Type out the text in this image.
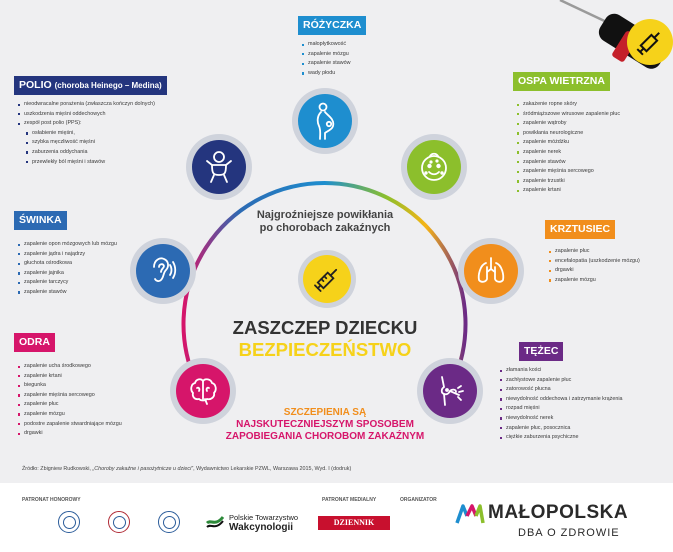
Najgroźniejsze powikłania
po chorobach zakaźnych
ZASZCZEP DZIECKU
BEZPIECZEŃSTWO
SZCZEPIENIA SĄ
NAJSKUTECZNIEJSZYM SPOSOBEM
ZAPOBIEGANIA CHOROBOM ZAKAŹNYM
RÓŻYCZKA
małopłytkowość
zapalenie mózgu
zapalenie stawów
wady płodu
POLIO (choroba Heinego – Medina)
nieodwracalne porażenia (zwłaszcza kończyn dolnych)
uszkodzenia mięśni oddechowych
zespół post polio (PPS):
osłabienie mięśni,
szybka męczliwość mięśni
zaburzenia oddychania
przewlekły ból mięśni i stawów
OSPA WIETRZNA
zakażenie ropne skóry
śródmiąższowe wirusowe zapalenie płuc
zapalenie wątroby
powikłania neurologiczne
zapalenie móżdżku
zapalenie nerek
zapalenie stawów
zapalenie mięśnia sercowego
zapalenie trzustki
zapalenie krtani
ŚWINKA
zapalenie opon mózgowych lub mózgu
zapalenie jądra i najądrzy
głuchota ośrodkowa
zapalenie jajnika
zapalenie tarczycy
zapalenie stawów
KRZTUSIEC
zapalenie płuc
encefalopatia (uszkodzenie mózgu)
drgawki
zapalenie mózgu
ODRA
zapalenie ucha środkowego
zapalenie krtani
biegunka
zapalenie mięśnia sercowego
zapalenie płuc
zapalenie mózgu
podostre zapalenie stwardniające mózgu
drgawki
TĘŻEC
złamania kości
zachłystowe zapalenie płuc
zatorowość płucna
niewydolność oddechowa i zatrzymanie krążenia
rozpad mięśni
niewydolność nerek
zapalenie płuc, posocznica
ciężkie zaburzenia psychiczne
Źródło: Zbigniew Rudkowski, „Choroby zakaźne i pasożytnicze u dzieci”, Wydawnictwo Lekarskie PZWL, Warszawa 2015, Wyd. I (dodruk)
PATRONAT HONOROWY	PATRONAT MEDIALNY	ORGANIZATOR
Polskie Towarzystwo
Wakcynologii	DZIENNIK POLSKI
MAŁOPOLSKA
DBA O ZDROWIE
